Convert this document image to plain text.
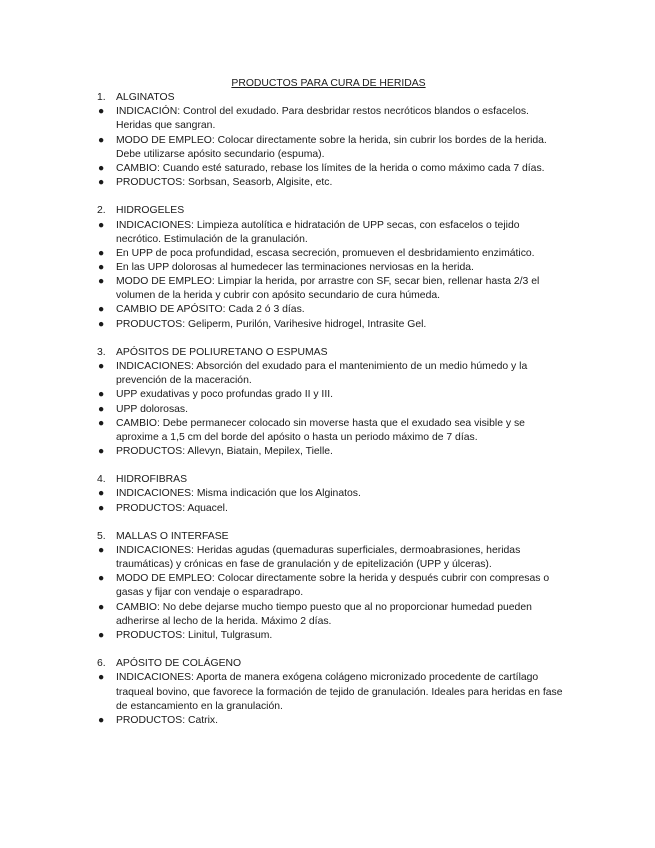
PRODUCTOS PARA CURA DE HERIDAS
1. ALGINATOS
● INDICACIÓN: Control del exudado. Para desbridar restos necróticos blandos o esfacelos.
Heridas que sangran.
● MODO DE EMPLEO: Colocar directamente sobre la herida, sin cubrir los bordes de la herida.
Debe utilizarse apósito secundario (espuma).
● CAMBIO: Cuando esté saturado, rebase los límites de la herida o como máximo cada 7 días.
● PRODUCTOS: Sorbsan, Seasorb, Algisite, etc.
2. HIDROGELES
● INDICACIONES: Limpieza autolítica e hidratación de UPP secas, con esfacelos o tejido
necrótico. Estimulación de la granulación.
● En UPP de poca profundidad, escasa secreción, promueven el desbridamiento enzimático.
● En las UPP dolorosas al humedecer las terminaciones nerviosas en la herida.
● MODO DE EMPLEO: Limpiar la herida, por arrastre con SF, secar bien, rellenar hasta 2/3 el
volumen de la herida y cubrir con apósito secundario de cura húmeda.
● CAMBIO DE APÓSITO: Cada 2 ó 3 días.
● PRODUCTOS: Geliperm, Purilón, Varihesive hidrogel, Intrasite Gel.
3. APÓSITOS DE POLIURETANO O ESPUMAS
● INDICACIONES: Absorción del exudado para el mantenimiento de un medio húmedo y la
prevención de la maceración.
● UPP exudativas y poco profundas grado II y III.
● UPP dolorosas.
● CAMBIO: Debe permanecer colocado sin moverse hasta que el exudado sea visible y se
aproxime a 1,5 cm del borde del apósito o hasta un periodo máximo de 7 días.
● PRODUCTOS: Allevyn, Biatain, Mepilex, Tielle.
4. HIDROFIBRAS
● INDICACIONES: Misma indicación que los Alginatos.
● PRODUCTOS: Aquacel.
5. MALLAS O INTERFASE
● INDICACIONES: Heridas agudas (quemaduras superficiales, dermoabrasiones, heridas
traumáticas) y crónicas en fase de granulación y de epitelización (UPP y úlceras).
● MODO DE EMPLEO: Colocar directamente sobre la herida y después cubrir con compresas o
gasas y fijar con vendaje o esparadrapo.
● CAMBIO: No debe dejarse mucho tiempo puesto que al no proporcionar humedad pueden
adherirse al lecho de la herida. Máximo 2 días.
● PRODUCTOS: Linitul, Tulgrasum.
6. APÓSITO DE COLÁGENO
● INDICACIONES: Aporta de manera exógena colágeno micronizado procedente de cartílago
traqueal bovino, que favorece la formación de tejido de granulación. Ideales para heridas en fase
de estancamiento en la granulación.
● PRODUCTOS: Catrix.
